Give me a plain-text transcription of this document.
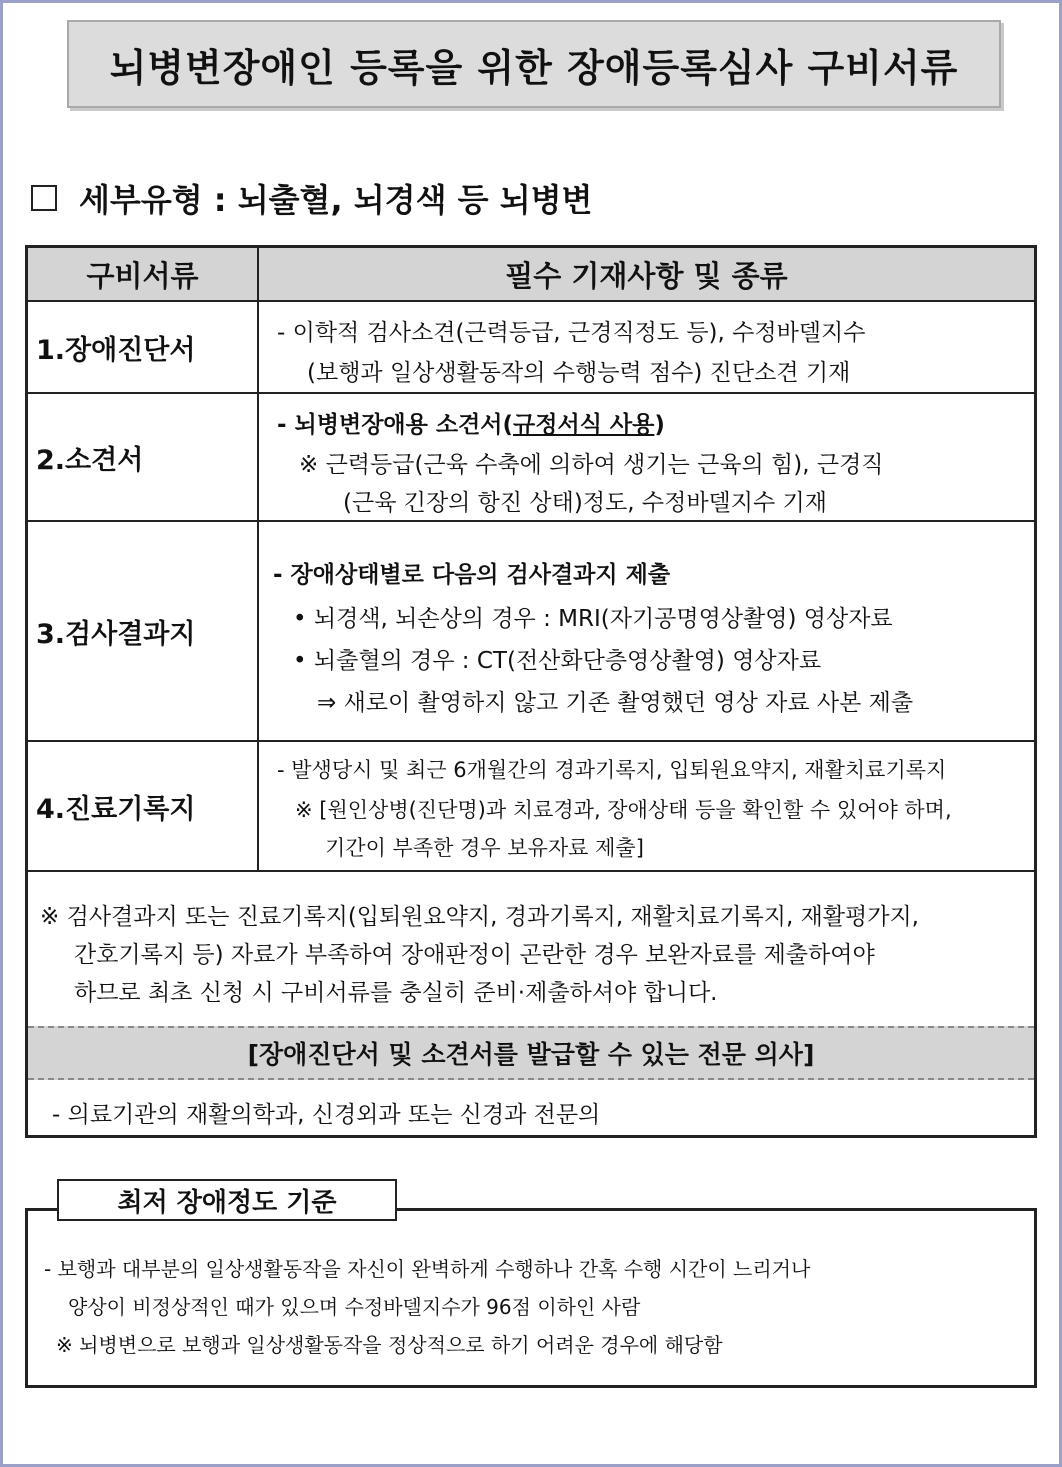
뇌병변장애인 등록을 위한 장애등록심사 구비서류
세부유형 : 뇌출혈, 뇌경색 등 뇌병변
구비서류	필수 기재사항 및 종류
1.장애진단서
- 이학적 검사소견(근력등급, 근경직정도 등), 수정바델지수
(보행과 일상생활동작의 수행능력 점수) 진단소견 기재
2.소견서
- 뇌병변장애용 소견서(규정서식 사용)
※ 근력등급(근육 수축에 의하여 생기는 근육의 힘), 근경직
(근육 긴장의 항진 상태)정도, 수정바델지수 기재
3.검사결과지
- 장애상태별로 다음의 검사결과지 제출
• 뇌경색, 뇌손상의 경우 : MRI(자기공명영상촬영) 영상자료
• 뇌출혈의 경우 : CT(전산화단층영상촬영) 영상자료
⇒ 새로이 촬영하지 않고 기존 촬영했던 영상 자료 사본 제출
4.진료기록지
- 발생당시 및 최근 6개월간의 경과기록지, 입퇴원요약지, 재활치료기록지
※ [원인상병(진단명)과 치료경과, 장애상태 등을 확인할 수 있어야 하며,
기간이 부족한 경우 보유자료 제출]
※ 검사결과지 또는 진료기록지(입퇴원요약지, 경과기록지, 재활치료기록지, 재활평가지,
간호기록지 등) 자료가 부족하여 장애판정이 곤란한 경우 보완자료를 제출하여야
하므로 최초 신청 시 구비서류를 충실히 준비·제출하셔야 합니다.
[장애진단서 및 소견서를 발급할 수 있는 전문 의사]
- 의료기관의 재활의학과, 신경외과 또는 신경과 전문의
- 보행과 대부분의 일상생활동작을 자신이 완벽하게 수행하나 간혹 수행 시간이 느리거나
양상이 비정상적인 때가 있으며 수정바델지수가 96점 이하인 사람
※ 뇌병변으로 보행과 일상생활동작을 정상적으로 하기 어려운 경우에 해당함
최저 장애정도 기준
